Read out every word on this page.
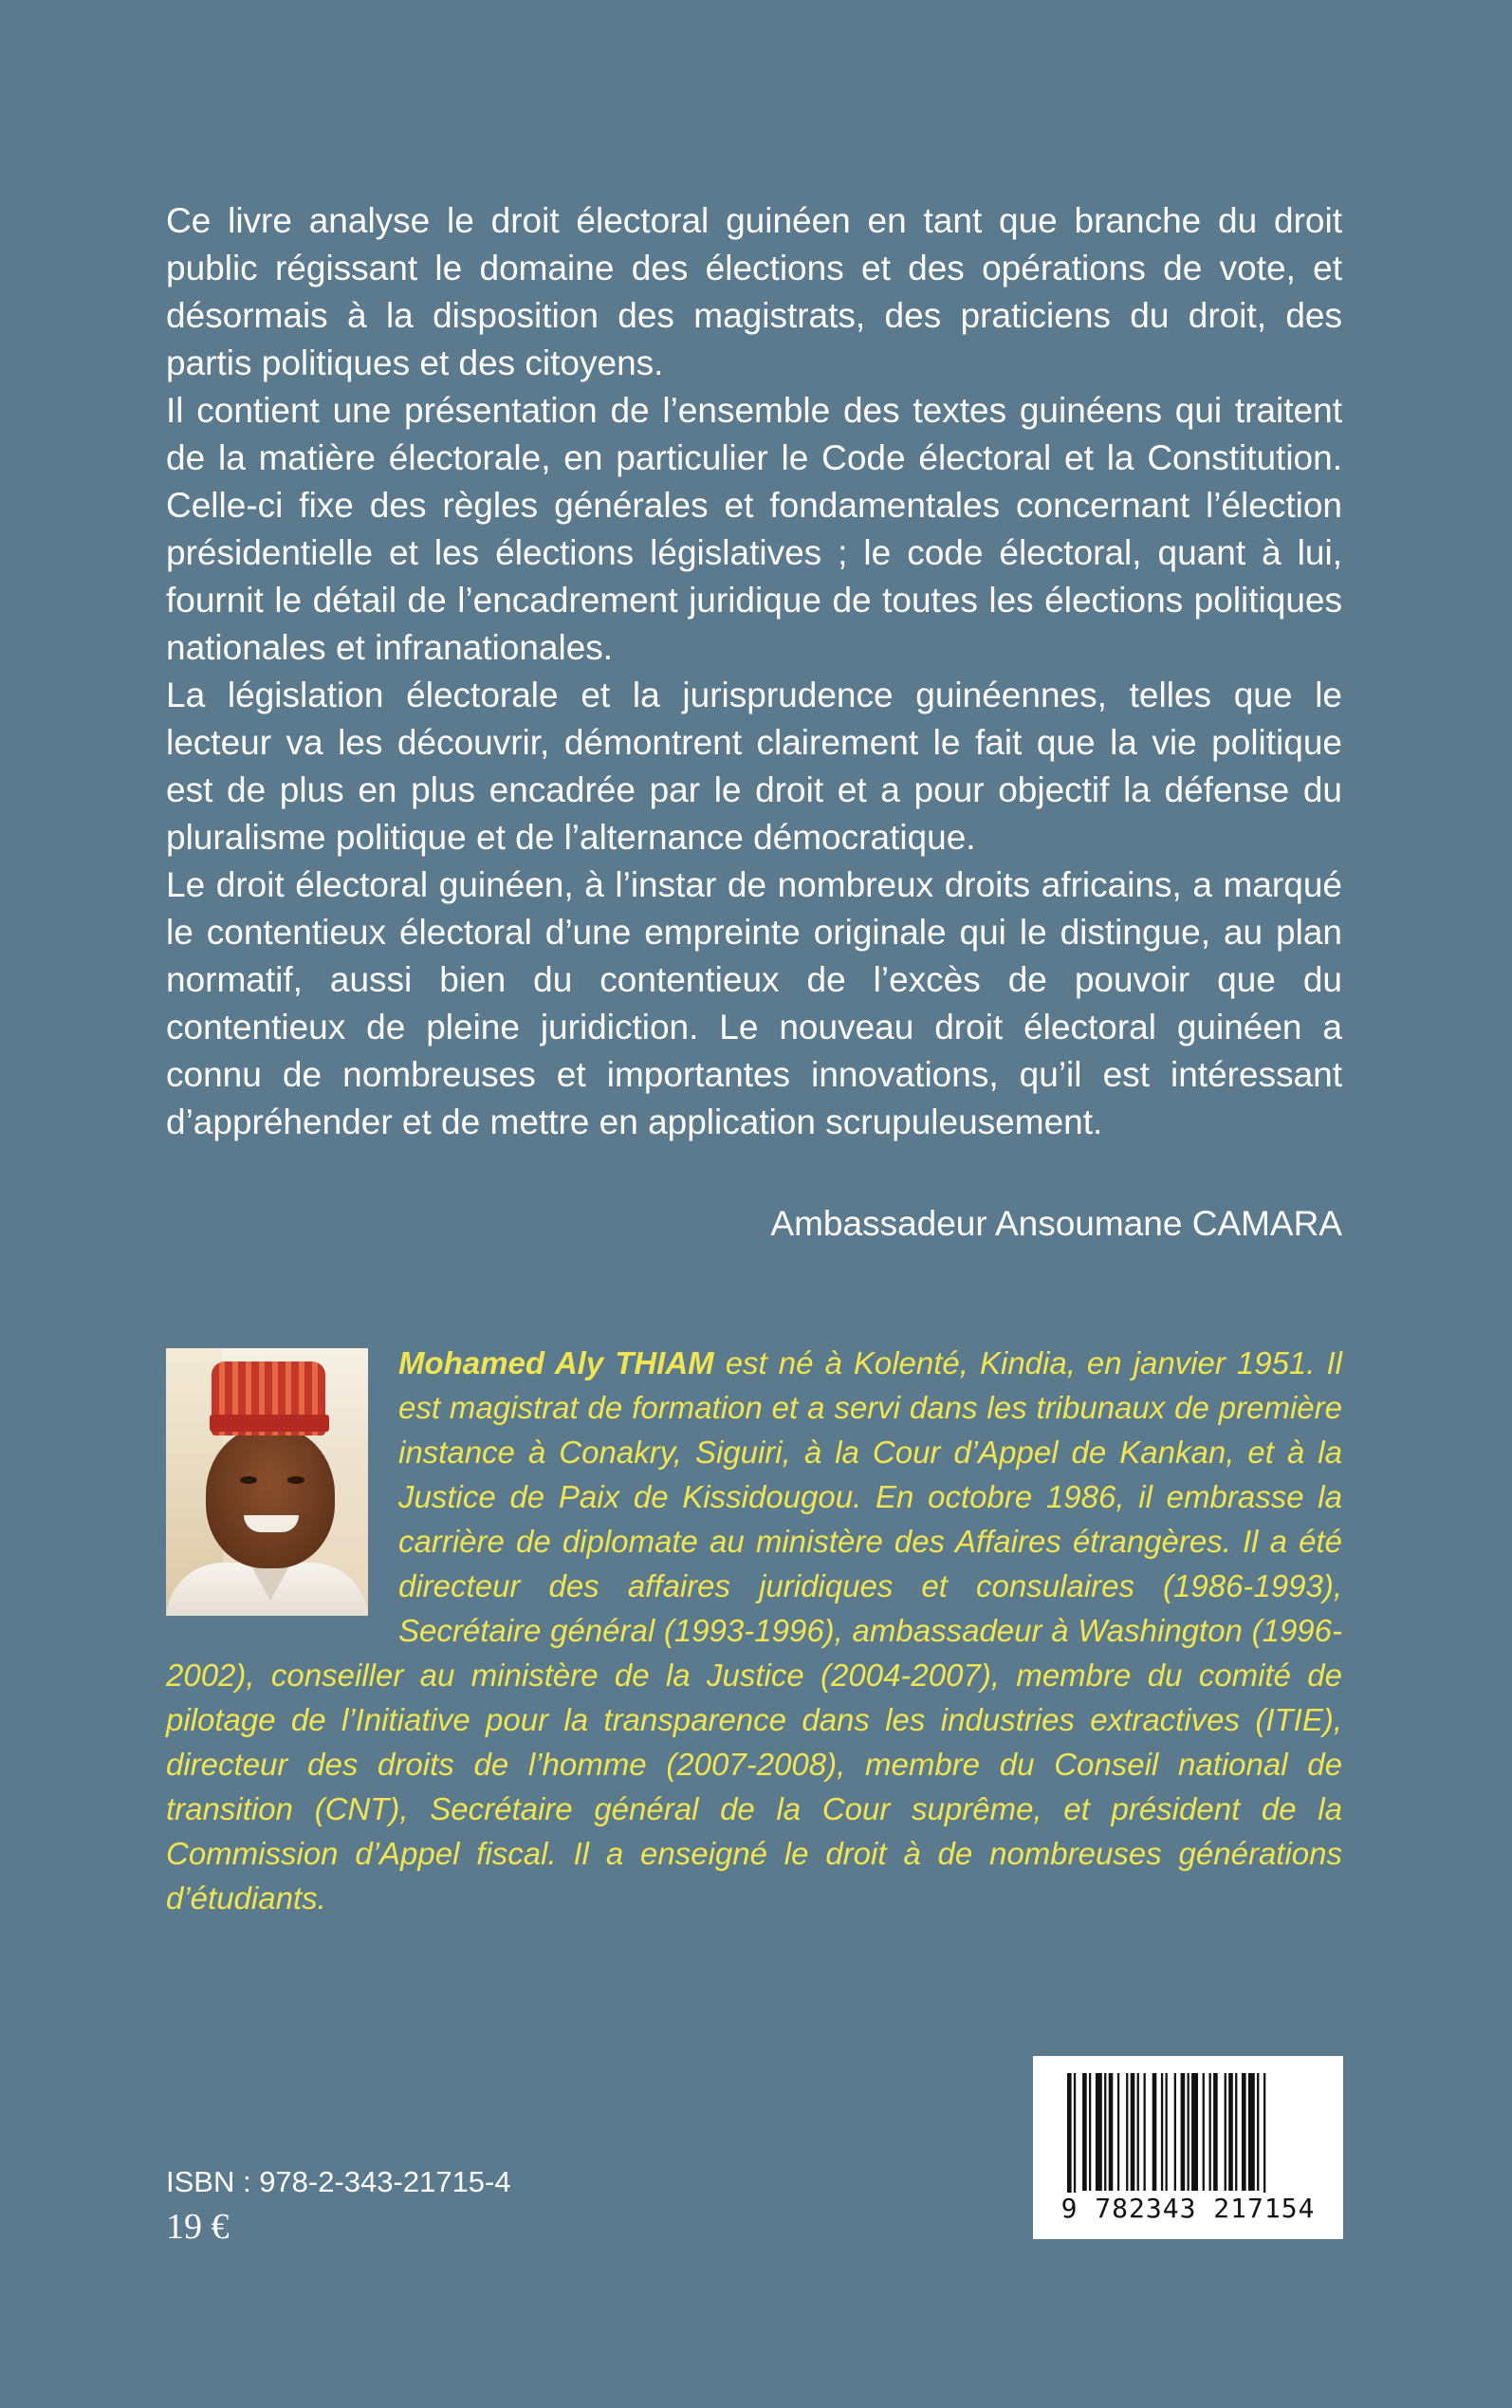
Ce livre analyse le droit électoral guinéen en tant que branche du droit public régissant le domaine des élections et des opérations de vote, et désormais à la disposition des magistrats, des praticiens du droit, des partis politiques et des citoyens.

Il contient une présentation de l’ensemble des textes guinéens qui traitent de la matière électorale, en particulier le Code électoral et la Constitution. Celle-ci fixe des règles générales et fondamentales concernant l’élection présidentielle et les élections législatives ; le code électoral, quant à lui, fournit le détail de l’encadrement juridique de toutes les élections politiques nationales et infranationales.

La législation électorale et la jurisprudence guinéennes, telles que le lecteur va les découvrir, démontrent clairement le fait que la vie politique est de plus en plus encadrée par le droit et a pour objectif la défense du pluralisme politique et de l’alternance démocratique.

Le droit électoral guinéen, à l’instar de nombreux droits africains, a marqué le contentieux électoral d’une empreinte originale qui le distingue, au plan normatif, aussi bien du contentieux de l’excès de pouvoir que du contentieux de pleine juridiction. Le nouveau droit électoral guinéen a connu de nombreuses et importantes innovations, qu’il est intéressant d’appréhender et de mettre en application scrupuleusement.

Ambassadeur Ansoumane CAMARA
Mohamed Aly THIAM est né à Kolenté, Kindia, en janvier 1951. Il est magistrat de formation et a servi dans les tribunaux de première instance à Conakry, Siguiri, à la Cour d’Appel de Kankan, et à la Justice de Paix de Kissidougou. En octobre 1986, il embrasse la carrière de diplomate au ministère des Affaires étrangères. Il a été directeur des affaires juridiques et consulaires (1986-1993), Secrétaire général (1993-1996), ambassadeur à Washington (1996-2002), conseiller au ministère de la Justice (2004-2007), membre du comité de pilotage de l’Initiative pour la transparence dans les industries extractives (ITIE), directeur des droits de l’homme (2007-2008), membre du Conseil national de transition (CNT), Secrétaire général de la Cour suprême, et président de la Commission d’Appel fiscal. Il a enseigné le droit à de nombreuses générations d’étudiants.
ISBN : 978-2-343-21715-4
19 €	9 782343 217154
